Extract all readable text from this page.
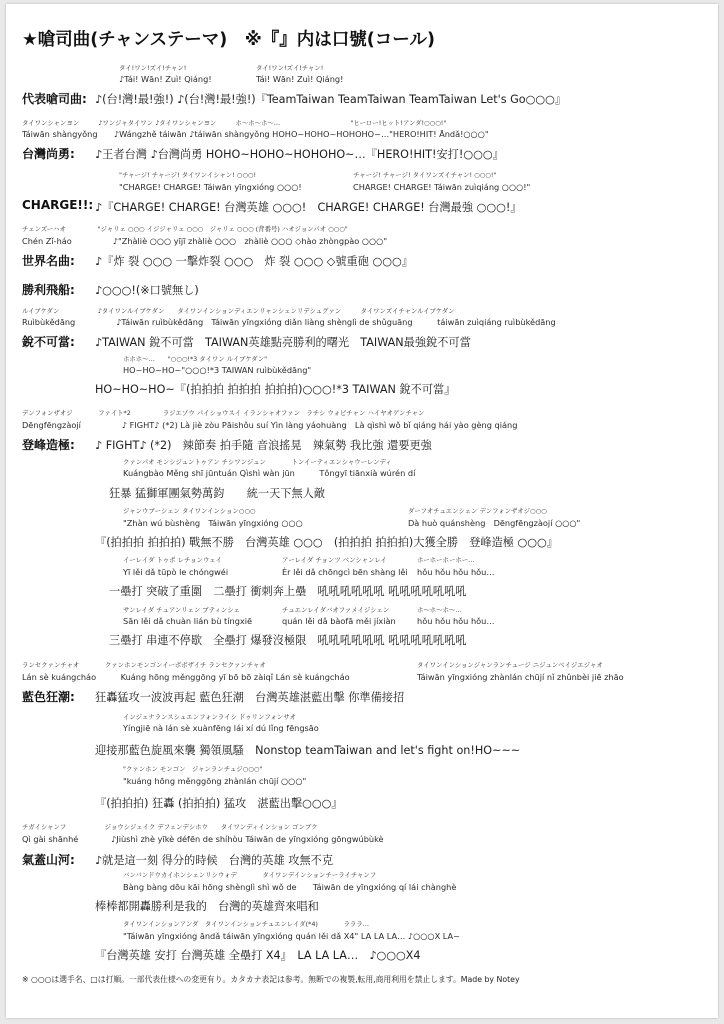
★嗆司曲(チャンステーマ)　※『』内は口號(コール)
タイ!ワン!ズイ!チャン!	タイ!ワン!ズイ!チャン!
♪Tái! Wān! Zuì! Qiáng!	Tái! Wān! Zuì! Qiáng!
代表嗆司曲: ♪(台!灣!最!強!) ♪(台!灣!最!強!)『TeamTaiwan TeamTaiwan TeamTaiwan Let's Go○○○』
タイワンシャンヨン　　　♪ワンジャタイワン ♪タイワンシャンヨン　　　ホ～ホ～ホ～…　　　　　　　　　　　"ヒーロー!ヒット!アンダ!○○○!"
Táiwān shàngyǒng　　♪Wángzhě táiwān ♪táiwān shàngyǒng HOHO~HOHO~HOHOHO~…"HERO!HIT! Āndǎ!○○○"
台灣尚勇: ♪王者台灣 ♪台灣尚勇 HOHO~HOHO~HOHOHO~…『HERO!HIT!安打!○○○』
"チャージ! チャージ! タイワンイシャン! ○○○!	チャージ! チャージ! タイワンズイチャン! ○○○!"
"CHARGE! CHARGE! Táiwān yīngxióng ○○○!	CHARGE! CHARGE! Táiwān zuìqiáng ○○○!"
CHARGE!!: ♪『CHARGE! CHARGE! 台灣英雄 ○○○!　CHARGE! CHARGE! 台灣最強 ○○○!』
チェンズーハオ　　　　　"ジャリェ ○○○ イジジャリェ ○○○　ジャリェ ○○○ (背番号) ハオジョンパオ ○○○"
Chén Zǐ-háo　　　　　♪"Zhàliè ○○○ yījī zhàliè ○○○　zhàliè ○○○ ◇hào zhòngpào ○○○"
世界名曲: ♪『炸 裂 ○○○ 一擊炸裂 ○○○　炸 裂 ○○○ ◇號重砲 ○○○』
勝利飛船: ♪○○○!(※口號無し)
ルイブケダン　　　　　　♪タイワンルイブケダン　　タイワンインションディエンリャンシェンリデシュグァン　　　タイワンズイチャンルイブケダン
Ruìbùkědāng　　　　　♪Táiwān ruìbùkědāng　Táiwān yīngxióng diǎn liàng shènglì de shǔguāng　　　táiwān zuìqiáng ruìbùkědāng
銳不可當: ♪TAIWAN 銳不可當　TAIWAN英雄點亮勝利的曙光　TAIWAN最強銳不可當
ホホホ～…　　"○○○!*3 タイワン ルイブケダン"
HO~HO~HO~"○○○!*3 TAIWAN ruìbùkědāng"
HO~HO~HO~『(拍拍拍 拍拍拍 拍拍拍)○○○!*3 TAIWAN 銳不可當』
デンフォンザオジ　　　　ファイト*2　　　　　ラジエゾウ パイショウスイ イランシャオファン　ラチシ ウォビチャン ハイヤオゲンチャン
Dēngfēngzàojí　　　　　♪ FIGHT♪ (*2) Là jiè zòu Pāishǒu suí Yìn làng yáohuàng　Là qìshì wǒ bǐ qiáng hái yào gèng qiáng
登峰造極: ♪ FIGHT♪ (*2)　辣節奏 拍手隨 音浪搖晃　辣氣勢 我比強 還要更強
クァンパオ モンシジュントゥアン チシワンジュン　　　　トンイーティエンシャウーレンディ
Kuángbào Měng shī jūntuán Qìshì wàn jūn　　　Tǒngyī tiānxià wúrén dí
狂暴 猛獅軍團氣勢萬鈞　　統一天下無人敵
ジャンウブーシェン タイワンインション○○○	ダーフオチュエンシェン デンフォンザオジ○○○
"Zhàn wú bùshèng　Táiwān yīngxióng ○○○	Dà huò quánshèng　Dēngfēngzàojí ○○○"
『(拍拍拍 拍拍拍) 戰無不勝　台灣英雄 ○○○　(拍拍拍 拍拍拍)大獲全勝　登峰造極 ○○○』
イーレイダ トゥポ レチョンウェイ	アーレイダ チョンツ ベンシャンレイ	ホーホーホーホー…
Yī lěi dǎ tūpò le chóngwéi	Èr lěi dǎ chōngcì bēn shàng lěi hǒu hǒu hǒu hǒu…
一壘打 突破了重圍　二壘打 衝刺奔上壘　吼吼吼吼吼吼 吼吼吼吼吼吼吼
サンレイダ チュアンリェン ブティンシェ	チュエンレイダバオファメイジシェン	ホ～ホ～ホ～…
Sān lěi dǎ chuàn lián bù tíngxiē	quán lěi dǎ bàofā měi jíxiàn	hǒu hǒu hǒu hǒu…
三壘打 串連不停歇　全壘打 爆發沒極限　吼吼吼吼吼吼 吼吼吼吼吼吼吼
ランセクァンチャオ　　　　クァンホンモンゴンイーボボザイチ ランセクァンチャオ	タイワンインションジャンランチュージ ニジュンベイジエジャオ
Lán sè kuángcháo　　　Kuáng hōng měnggōng yī bō bō zàiqǐ Lán sè kuángcháo	Táiwān yīngxióng zhànlán chūjí nǐ zhǔnbèi jiē zhāo
藍色狂潮: 狂轟猛攻一波波再起 藍色狂潮　台灣英雄湛藍出擊 你準備接招
インジェナランスシュエンフォンライシ ドゥリンフォンサオ
Yíngjiē nà lán sè xuànfēng lái xí dú lǐng fēngsāo
迎接那藍色旋風來襲 獨領風騷　Nonstop teamTaiwan and let's fight on!HO~~~
"クァンホン モンゴン　ジャンランチュジ○○○"
"kuáng hōng měnggōng zhànlán chūjí ○○○"
『(拍拍拍) 狂轟 (拍拍拍) 猛攻　湛藍出擊○○○』
チガイシャンフ　　　　　　ジョウシジェイク デフェンデシホウ　　タイワンディインション ゴンブク
Qì gài shānhé　　　　♪Jiùshì zhè yīkè défēn de shíhòu Táiwān de yīngxióng gōngwúbùkè
氣蓋山河: ♪就是這一刻 得分的時候　台灣的英雄 攻無不克
バンバンドウカイホンシェンリシウォデ　　　　タイワンデインションチーライチャンフ
Bàng bàng dōu kāi hōng shènglì shì wǒ de　　Táiwān de yīngxióng qí lái chànghè
棒棒都開轟勝利是我的　台灣的英雄齊來唱和
タイワンインションアンダ　タイワンインションチュエンレイダ(*4)　　　　ラララ…　
"Táiwān yīngxióng āndǎ táiwān yīngxióng quán lěi dǎ X4" LA LA LA… ♪○○○X LA~
『台灣英雄 安打 台灣英雄 全壘打 X4』　LA LA LA…　♪○○○X4
※ ○○○は選手名、□は打順。一部代表仕様への変更有り。カタカナ表記は参考。無断での複製,転用,商用利用を禁止します。Made by Notey
